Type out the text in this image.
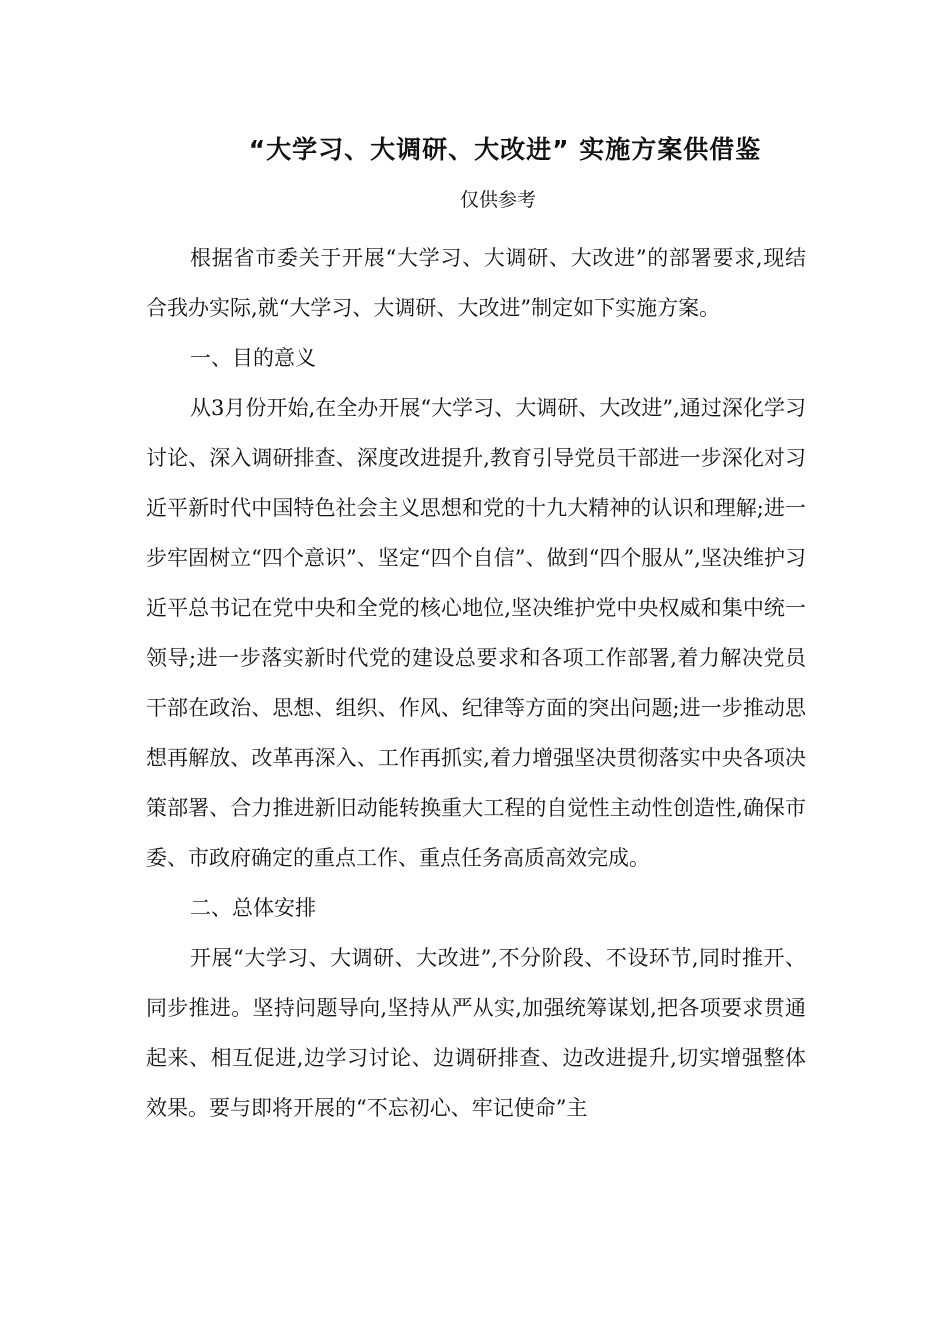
“大学习、大调研、大改进” 实施方案供借鉴
仅供参考

根据省市委关于开展“大学习、大调研、大改进”的部署要求,现结合我办实际,就“大学习、大调研、大改进”制定如下实施方案。

一、目的意义

从3月份开始,在全办开展“大学习、大调研、大改进”,通过深化学习讨论、深入调研排查、深度改进提升,教育引导党员干部进一步深化对习近平新时代中国特色社会主义思想和党的十九大精神的认识和理解;进一步牢固树立“四个意识”、坚定“四个自信”、做到“四个服从”,坚决维护习近平总书记在党中央和全党的核心地位,坚决维护党中央权威和集中统一领导;进一步落实新时代党的建设总要求和各项工作部署,着力解决党员干部在政治、思想、组织、作风、纪律等方面的突出问题;进一步推动思想再解放、改革再深入、工作再抓实,着力增强坚决贯彻落实中央各项决策部署、合力推进新旧动能转换重大工程的自觉性主动性创造性,确保市委、市政府确定的重点工作、重点任务高质高效完成。

二、总体安排

开展“大学习、大调研、大改进”,不分阶段、不设环节,同时推开、同步推进。坚持问题导向,坚持从严从实,加强统筹谋划,把各项要求贯通起来、相互促进,边学习讨论、边调研排查、边改进提升,切实增强整体效果。要与即将开展的“不忘初心、牢记使命”主
